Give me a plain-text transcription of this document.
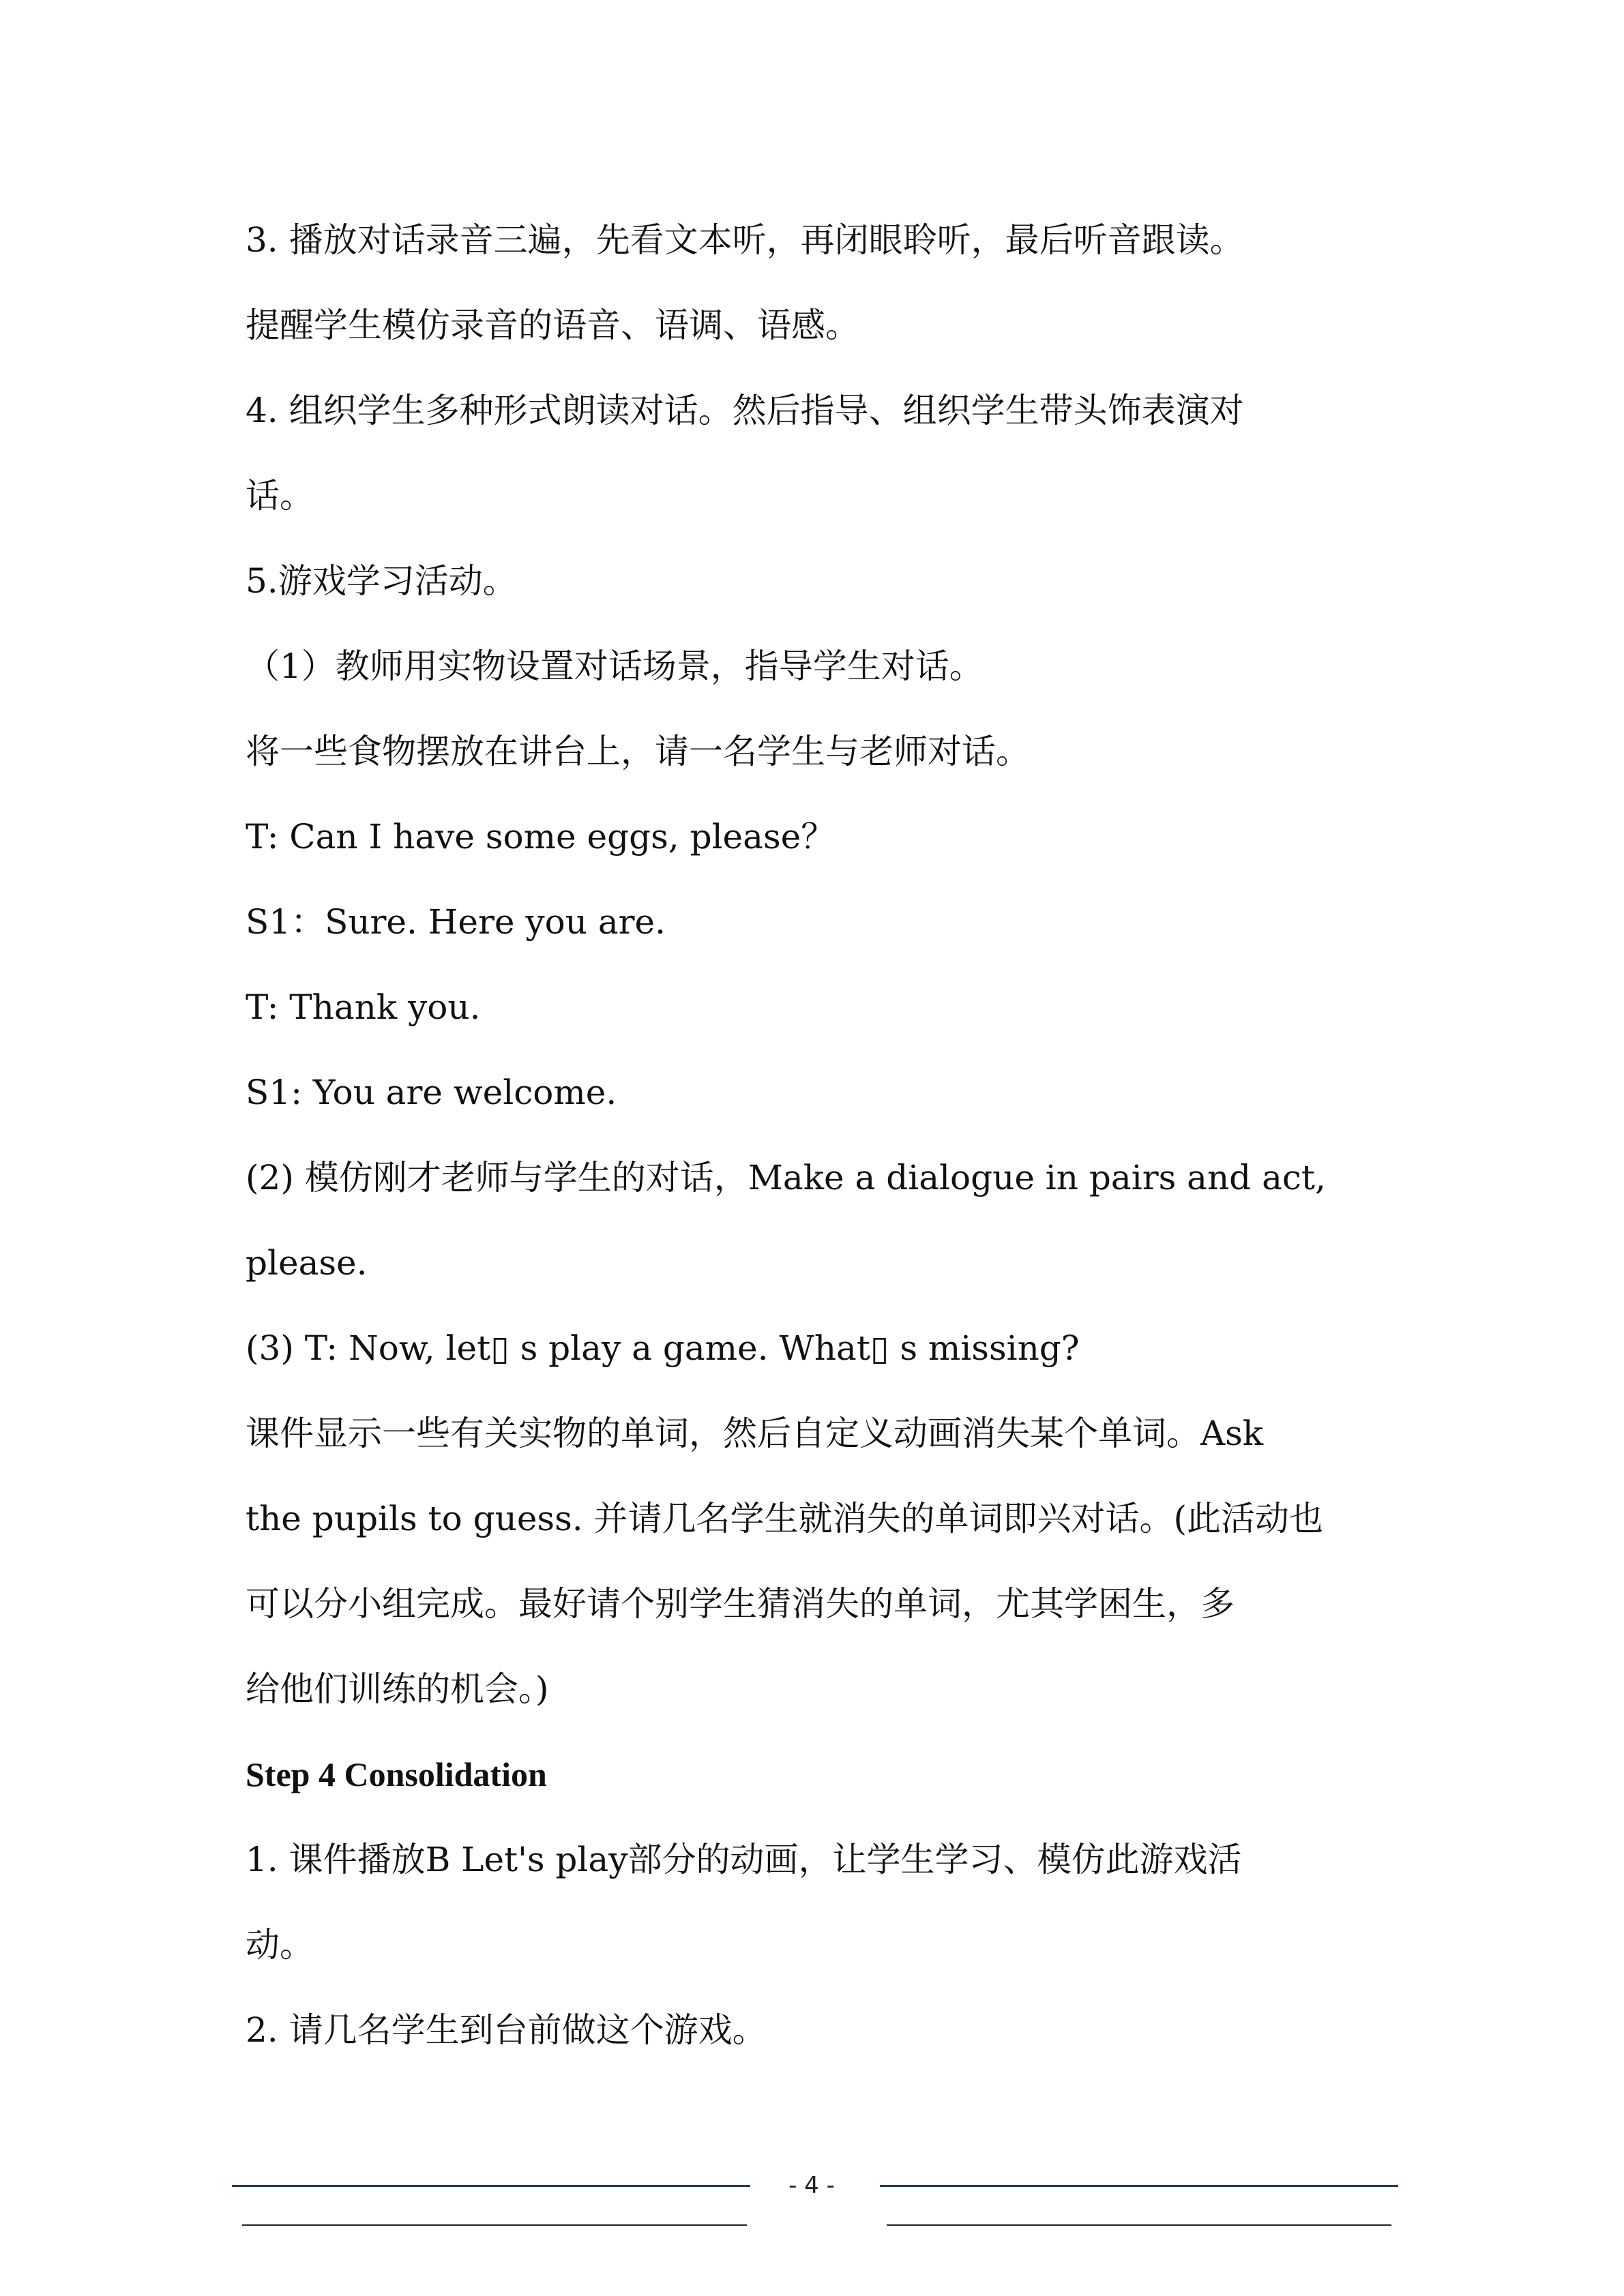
3. 播放对话录音三遍，先看文本听，再闭眼聆听，最后听音跟读。
提醒学生模仿录音的语音、语调、语感。
4. 组织学生多种形式朗读对话。然后指导、组织学生带头饰表演对
话。
5.游戏学习活动。
（1）教师用实物设置对话场景，指导学生对话。
将一些食物摆放在讲台上，请一名学生与老师对话。
T: Can I have some eggs, please？
S1：Sure. Here you are.
T: Thank you.
S1: You are welcome.
(2) 模仿刚才老师与学生的对话，Make a dialogue in pairs and act,
please.
(3) T: Now, let▯ s play a game. What▯ s missing?
课件显示一些有关实物的单词，然后自定义动画消失某个单词。Ask
the pupils to guess. 并请几名学生就消失的单词即兴对话。(此活动也
可以分小组完成。最好请个别学生猜消失的单词，尤其学困生，多
给他们训练的机会。)
Step 4 Consolidation
1. 课件播放B Let's play部分的动画，让学生学习、模仿此游戏活
动。
2. 请几名学生到台前做这个游戏。
- 4 -
